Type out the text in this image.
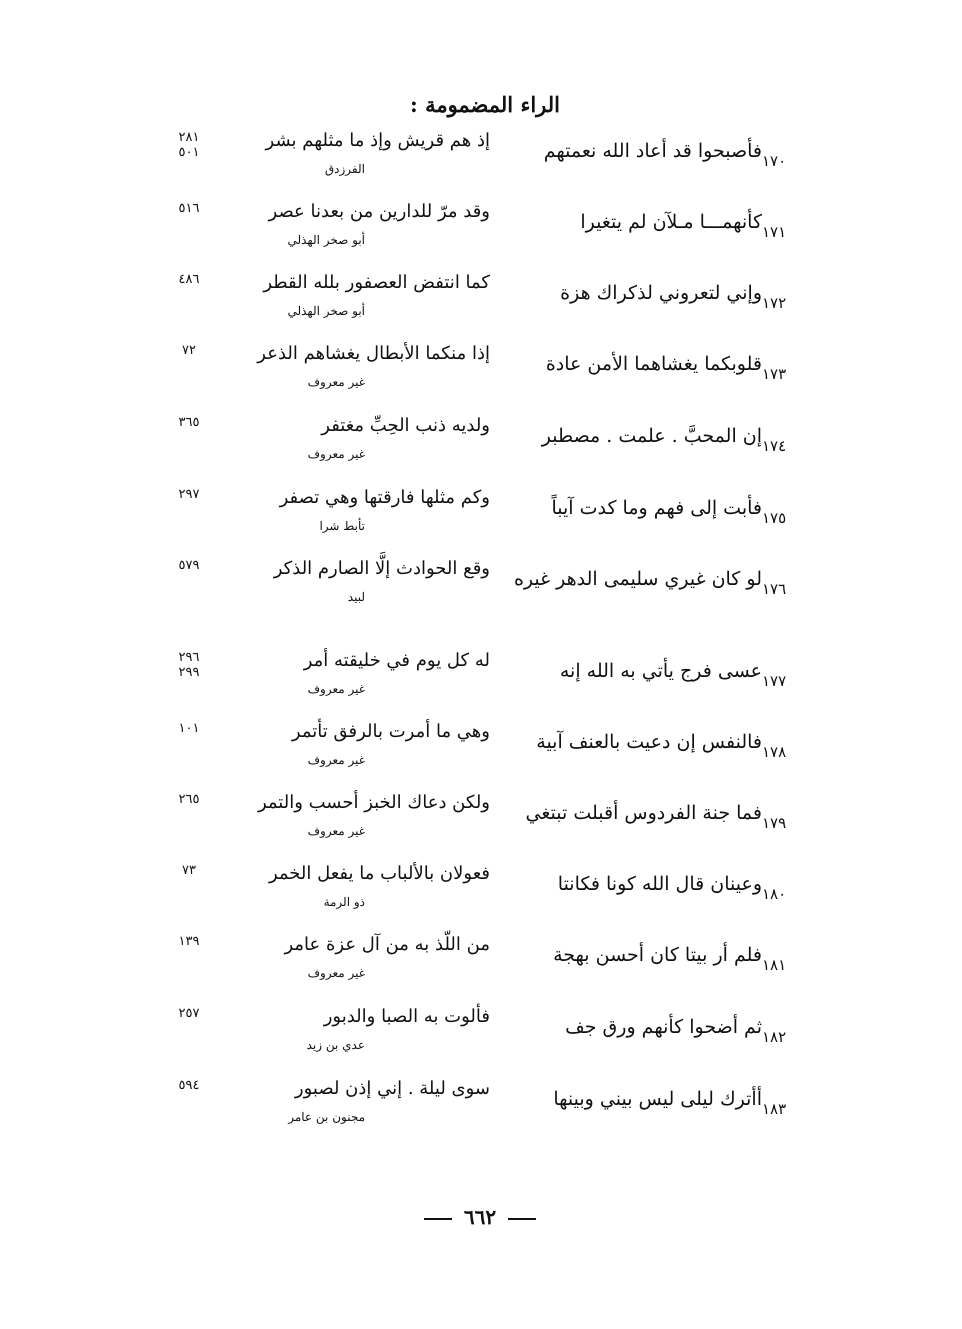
الراء المضمومة :
١٧٠
فأصبحوا قد أعاد الله نعمتهم
إذ هم قريش وإذ ما مثلهم بشر
الفرزدق
٢٨١
٥٠١
١٧١
كأنهمـــا مـلآن لم يتغيرا
وقد مرّ للدارين من بعدنا عصر
أبو صخر الهذلي
٥١٦
١٧٢
وإني لتعروني لذكراك هزة
كما انتفض العصفور بلله القطر
أبو صخر الهذلي
٤٨٦
١٧٣
قلوبكما يغشاهما الأمن عادة
إذا منكما الأبطال يغشاهم الذعر
غير معروف
٧٢
١٧٤
إن المحبَّ . علمت . مصطبر
ولديه ذنب الحِبِّ مغتفر
غير معروف
٣٦٥
١٧٥
فأبت إلى فهم وما كدت آيباً
وكم مثلها فارقتها وهي تصفر
تأبط شرا
٢٩٧
١٧٦
لو كان غيري سليمى الدهر غيره
وقع الحوادث إلَّا الصارم الذكر
لبيد
٥٧٩
١٧٧
عسى فرج يأتي به الله إنه
له كل يوم في خليقته أمر
غير معروف
٢٩٦
٢٩٩
١٧٨
فالنفس إن دعيت بالعنف آبية
وهي ما أمرت بالرفق تأتمر
غير معروف
١٠١
١٧٩
فما جنة الفردوس أقبلت تبتغي
ولكن دعاك الخبز أحسب والتمر
غير معروف
٢٦٥
١٨٠
وعينان قال الله كونا فكانتا
فعولان بالألباب ما يفعل الخمر
ذو الرمة
٧٣
١٨١
فلم أر بيتا كان أحسن بهجة
من اللّذ به من آل عزة عامر
غير معروف
١٣٩
١٨٢
ثم أضحوا كأنهم ورق جف
فألوت به الصبا والدبور
عدي بن زيد
٢٥٧
١٨٣
أأترك ليلى ليس بيني وبينها
سوى ليلة . إني إذن لصبور
مجنون بن عامر
٥٩٤
٦٦٢
